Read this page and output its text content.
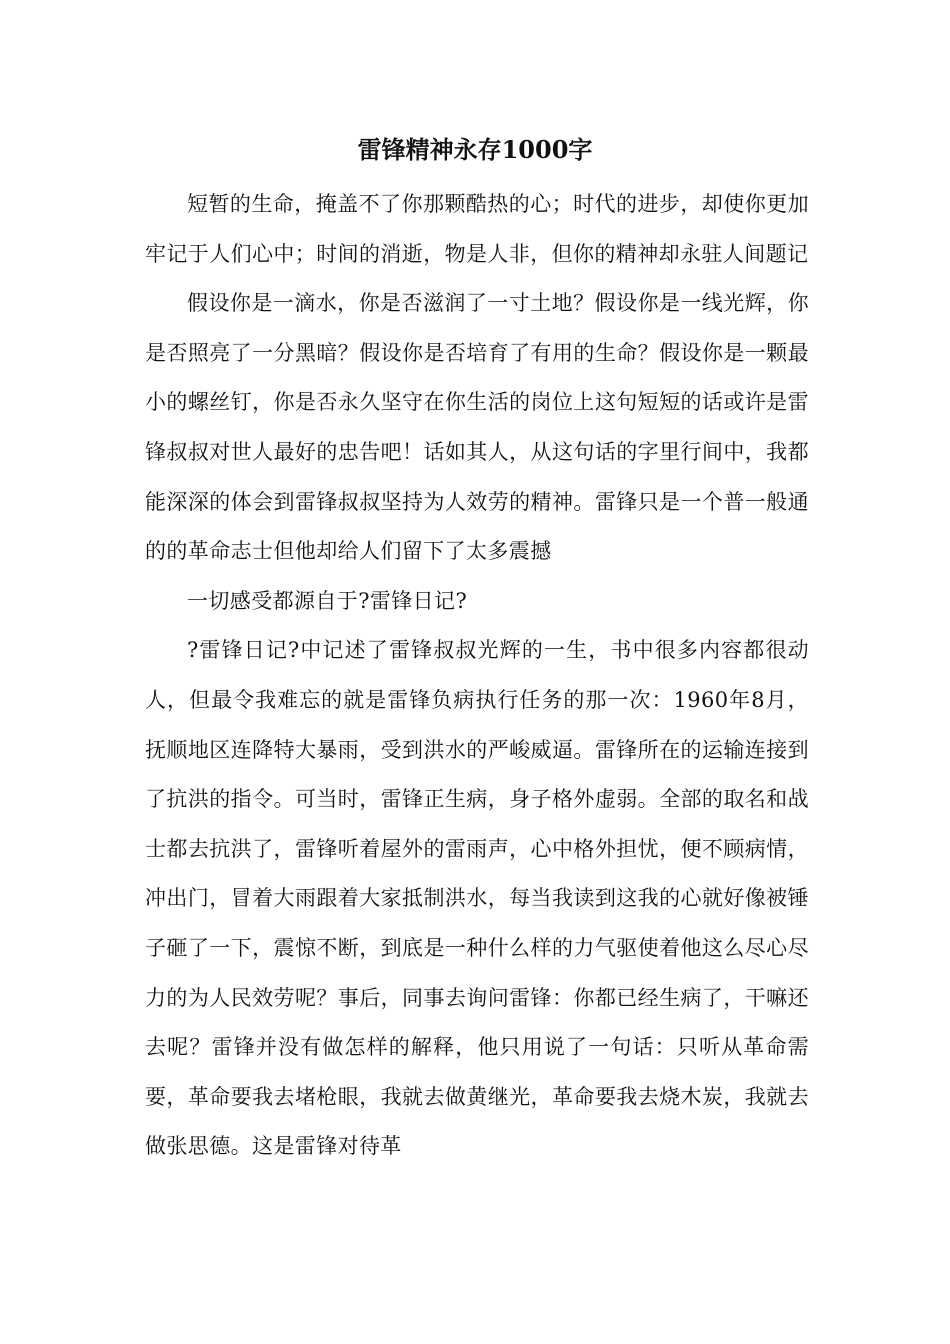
雷锋精神永存1000字

短暂的生命，掩盖不了你那颗酷热的心；时代的进步，却使你更加牢记于人们心中；时间的消逝，物是人非，但你的精神却永驻人间题记

假设你是一滴水，你是否滋润了一寸土地？假设你是一线光辉，你是否照亮了一分黑暗？假设你是否培育了有用的生命？假设你是一颗最小的螺丝钉，你是否永久坚守在你生活的岗位上这句短短的话或许是雷锋叔叔对世人最好的忠告吧！话如其人，从这句话的字里行间中，我都能深深的体会到雷锋叔叔坚持为人效劳的精神。雷锋只是一个普一般通的的革命志士但他却给人们留下了太多震撼

一切感受都源自于?雷锋日记?

?雷锋日记?中记述了雷锋叔叔光辉的一生，书中很多内容都很动人，但最令我难忘的就是雷锋负病执行任务的那一次：1960年8月，抚顺地区连降特大暴雨，受到洪水的严峻威逼。雷锋所在的运输连接到了抗洪的指令。可当时，雷锋正生病，身子格外虚弱。全部的取名和战士都去抗洪了，雷锋听着屋外的雷雨声，心中格外担忧，便不顾病情，冲出门，冒着大雨跟着大家抵制洪水，每当我读到这我的心就好像被锤子砸了一下，震惊不断，到底是一种什么样的力气驱使着他这么尽心尽力的为人民效劳呢？事后，同事去询问雷锋：你都已经生病了，干嘛还去呢？雷锋并没有做怎样的解释，他只用说了一句话：只听从革命需要，革命要我去堵枪眼，我就去做黄继光，革命要我去烧木炭，我就去做张思德。这是雷锋对待革
